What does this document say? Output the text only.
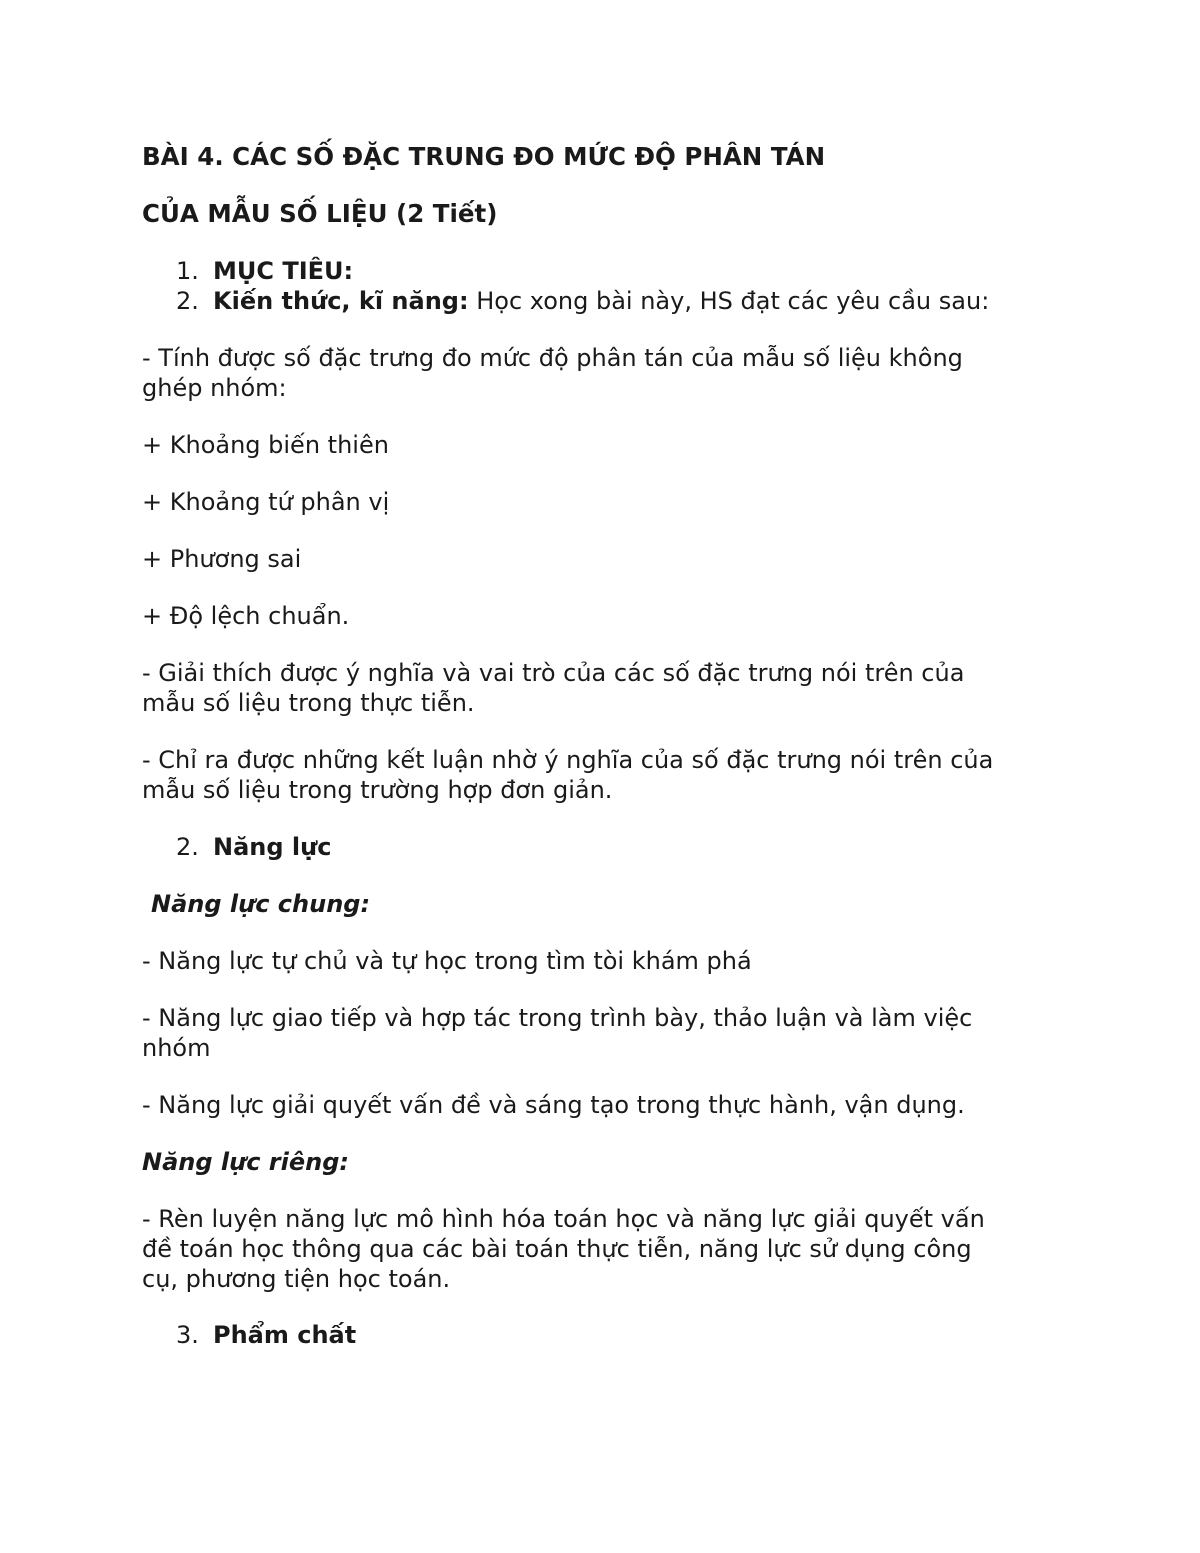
BÀI 4. CÁC SỐ ĐẶC TRUNG ĐO MỨC ĐỘ PHÂN TÁN
CỦA MẪU SỐ LIỆU (2 Tiết)
1. MỤC TIÊU:
2. Kiến thức, kĩ năng: Học xong bài này, HS đạt các yêu cầu sau:
- Tính được số đặc trưng đo mức độ phân tán của mẫu số liệu không
ghép nhóm:
+ Khoảng biến thiên
+ Khoảng tứ phân vị
+ Phương sai
+ Độ lệch chuẩn.
- Giải thích được ý nghĩa và vai trò của các số đặc trưng nói trên của
mẫu số liệu trong thực tiễn.
- Chỉ ra được những kết luận nhờ ý nghĩa của số đặc trưng nói trên của
mẫu số liệu trong trường hợp đơn giản.
2. Năng lực
Năng lực chung:
- Năng lực tự chủ và tự học trong tìm tòi khám phá
- Năng lực giao tiếp và hợp tác trong trình bày, thảo luận và làm việc
nhóm
- Năng lực giải quyết vấn đề và sáng tạo trong thực hành, vận dụng.
Năng lực riêng:
- Rèn luyện năng lực mô hình hóa toán học và năng lực giải quyết vấn
đề toán học thông qua các bài toán thực tiễn, năng lực sử dụng công
cụ, phương tiện học toán.
3. Phẩm chất
